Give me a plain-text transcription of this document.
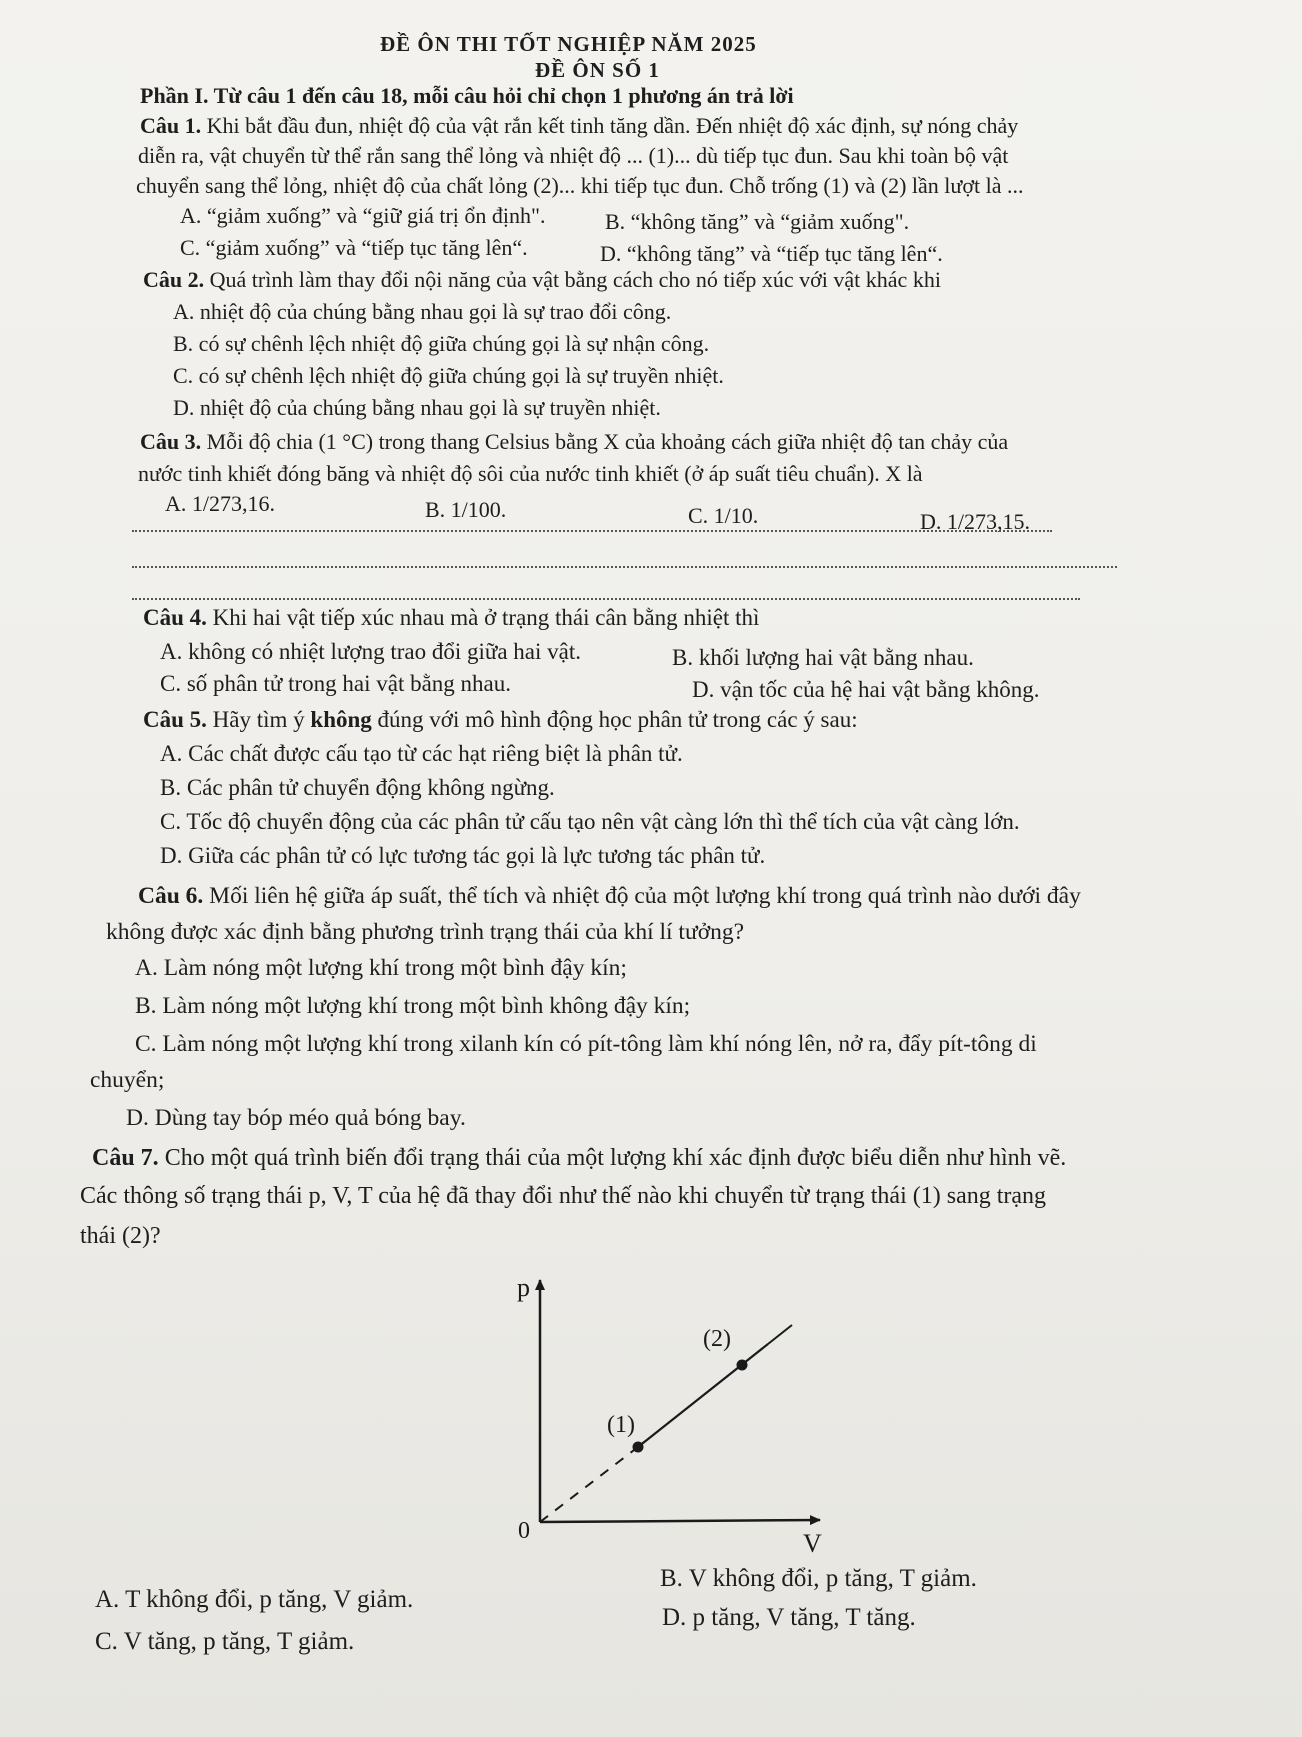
ĐỀ ÔN THI TỐT NGHIỆP NĂM 2025
ĐỀ ÔN SỐ 1
Phần I. Từ câu 1 đến câu 18, mỗi câu hỏi chỉ chọn 1 phương án trả lời
Câu 1. Khi bắt đầu đun, nhiệt độ của vật rắn kết tinh tăng dần. Đến nhiệt độ xác định, sự nóng chảy
diễn ra, vật chuyển từ thể rắn sang thể lỏng và nhiệt độ ... (1)... dù tiếp tục đun. Sau khi toàn bộ vật
chuyển sang thể lỏng, nhiệt độ của chất lỏng (2)... khi tiếp tục đun. Chỗ trống (1) và (2) lần lượt là ...
A. “giảm xuống” và “giữ giá trị ổn định".	B. “không tăng” và “giảm xuống".
C. “giảm xuống” và “tiếp tục tăng lên“.	D. “không tăng” và “tiếp tục tăng lên“.
Câu 2. Quá trình làm thay đổi nội năng của vật bằng cách cho nó tiếp xúc với vật khác khi
A. nhiệt độ của chúng bằng nhau gọi là sự trao đổi công.
B. có sự chênh lệch nhiệt độ giữa chúng gọi là sự nhận công.
C. có sự chênh lệch nhiệt độ giữa chúng gọi là sự truyền nhiệt.
D. nhiệt độ của chúng bằng nhau gọi là sự truyền nhiệt.
Câu 3. Mỗi độ chia (1 °C) trong thang Celsius bằng X của khoảng cách giữa nhiệt độ tan chảy của
nước tinh khiết đóng băng và nhiệt độ sôi của nước tinh khiết (ở áp suất tiêu chuẩn). X là
A. 1/273,16.	B. 1/100.	C. 1/10.	D. 1/273,15.
Câu 4. Khi hai vật tiếp xúc nhau mà ở trạng thái cân bằng nhiệt thì
A. không có nhiệt lượng trao đổi giữa hai vật.	B. khối lượng hai vật bằng nhau.
C. số phân tử trong hai vật bằng nhau.	D. vận tốc của hệ hai vật bằng không.
Câu 5. Hãy tìm ý không đúng với mô hình động học phân tử trong các ý sau:
A. Các chất được cấu tạo từ các hạt riêng biệt là phân tử.
B. Các phân tử chuyển động không ngừng.
C. Tốc độ chuyển động của các phân tử cấu tạo nên vật càng lớn thì thể tích của vật càng lớn.
D. Giữa các phân tử có lực tương tác gọi là lực tương tác phân tử.
Câu 6. Mối liên hệ giữa áp suất, thể tích và nhiệt độ của một lượng khí trong quá trình nào dưới đây
không được xác định bằng phương trình trạng thái của khí lí tưởng?
A. Làm nóng một lượng khí trong một bình đậy kín;
B. Làm nóng một lượng khí trong một bình không đậy kín;
C. Làm nóng một lượng khí trong xilanh kín có pít-tông làm khí nóng lên, nở ra, đẩy pít-tông di
chuyển;
D. Dùng tay bóp méo quả bóng bay.
Câu 7. Cho một quá trình biến đổi trạng thái của một lượng khí xác định được biểu diễn như hình vẽ.
Các thông số trạng thái p, V, T của hệ đã thay đổi như thế nào khi chuyển từ trạng thái (1) sang trạng
thái (2)?
p
V
0
(1)
(2)
A. T không đổi, p tăng, V giảm.
B. V không đổi, p tăng, T giảm.
C. V tăng, p tăng, T giảm.
D. p tăng, V tăng, T tăng.
